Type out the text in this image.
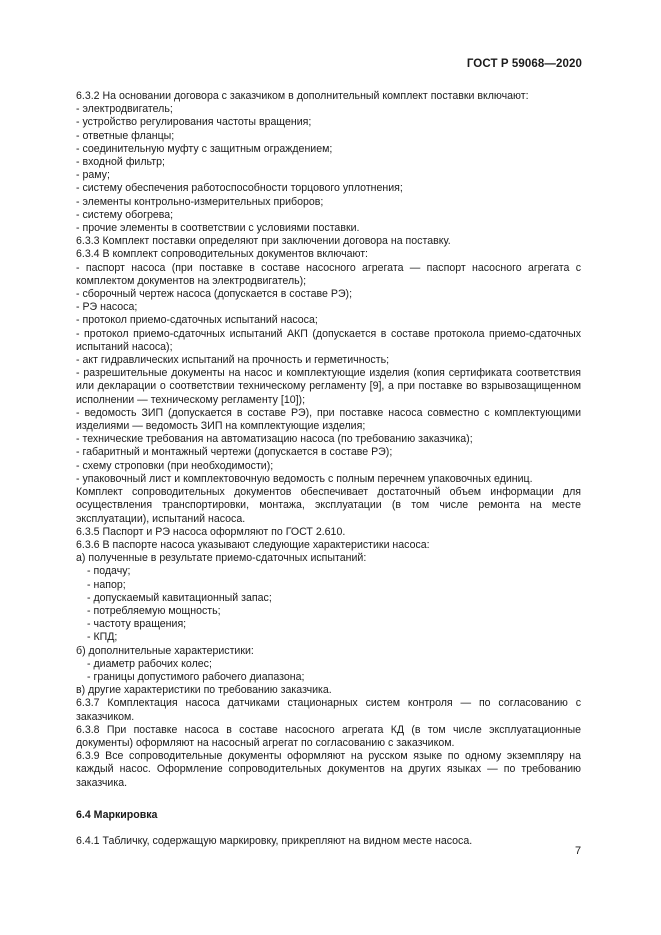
ГОСТ Р 59068—2020

6.3.2 На основании договора с заказчиком в дополнительный комплект поставки включают:

- электродвигатель;

- устройство регулирования частоты вращения;

- ответные фланцы;

- соединительную муфту с защитным ограждением;

- входной фильтр;

- раму;

- систему обеспечения работоспособности торцового уплотнения;

- элементы контрольно-измерительных приборов;

- систему обогрева;

- прочие элементы в соответствии с условиями поставки.

6.3.3 Комплект поставки определяют при заключении договора на поставку.

6.3.4 В комплект сопроводительных документов включают:

- паспорт насоса (при поставке в составе насосного агрегата — паспорт насосного агрегата с комплектом документов на электродвигатель);

- сборочный чертеж насоса (допускается в составе РЭ);

- РЭ насоса;

- протокол приемо-сдаточных испытаний насоса;

- протокол приемо-сдаточных испытаний АКП (допускается в составе протокола приемо-сдаточных испытаний насоса);

- акт гидравлических испытаний на прочность и герметичность;

- разрешительные документы на насос и комплектующие изделия (копия сертификата соответствия или декларации о соответствии техническому регламенту [9], а при поставке во взрывозащищенном исполнении — техническому регламенту [10]);

- ведомость ЗИП (допускается в составе РЭ), при поставке насоса совместно с комплектующими изделиями — ведомость ЗИП на комплектующие изделия;

- технические требования на автоматизацию насоса (по требованию заказчика);

- габаритный и монтажный чертежи (допускается в составе РЭ);

- схему строповки (при необходимости);

- упаковочный лист и комплектовочную ведомость с полным перечнем упаковочных единиц.

Комплект сопроводительных документов обеспечивает достаточный объем информации для осуществления транспортировки, монтажа, эксплуатации (в том числе ремонта на месте эксплуатации), испытаний насоса.

6.3.5 Паспорт и РЭ насоса оформляют по ГОСТ 2.610.

6.3.6 В паспорте насоса указывают следующие характеристики насоса:

а) полученные в результате приемо-сдаточных испытаний:

- подачу;

- напор;

- допускаемый кавитационный запас;

- потребляемую мощность;

- частоту вращения;

- КПД;

б) дополнительные характеристики:

- диаметр рабочих колес;

- границы допустимого рабочего диапазона;

в) другие характеристики по требованию заказчика.

6.3.7 Комплектация насоса датчиками стационарных систем контроля — по согласованию с заказчиком.

6.3.8 При поставке насоса в составе насосного агрегата КД (в том числе эксплуатационные документы) оформляют на насосный агрегат по согласованию с заказчиком.

6.3.9 Все сопроводительные документы оформляют на русском языке по одному экземпляру на каждый насос. Оформление сопроводительных документов на других языках — по требованию заказчика.

6.4 Маркировка

6.4.1 Табличку, содержащую маркировку, прикрепляют на видном месте насоса.

7
